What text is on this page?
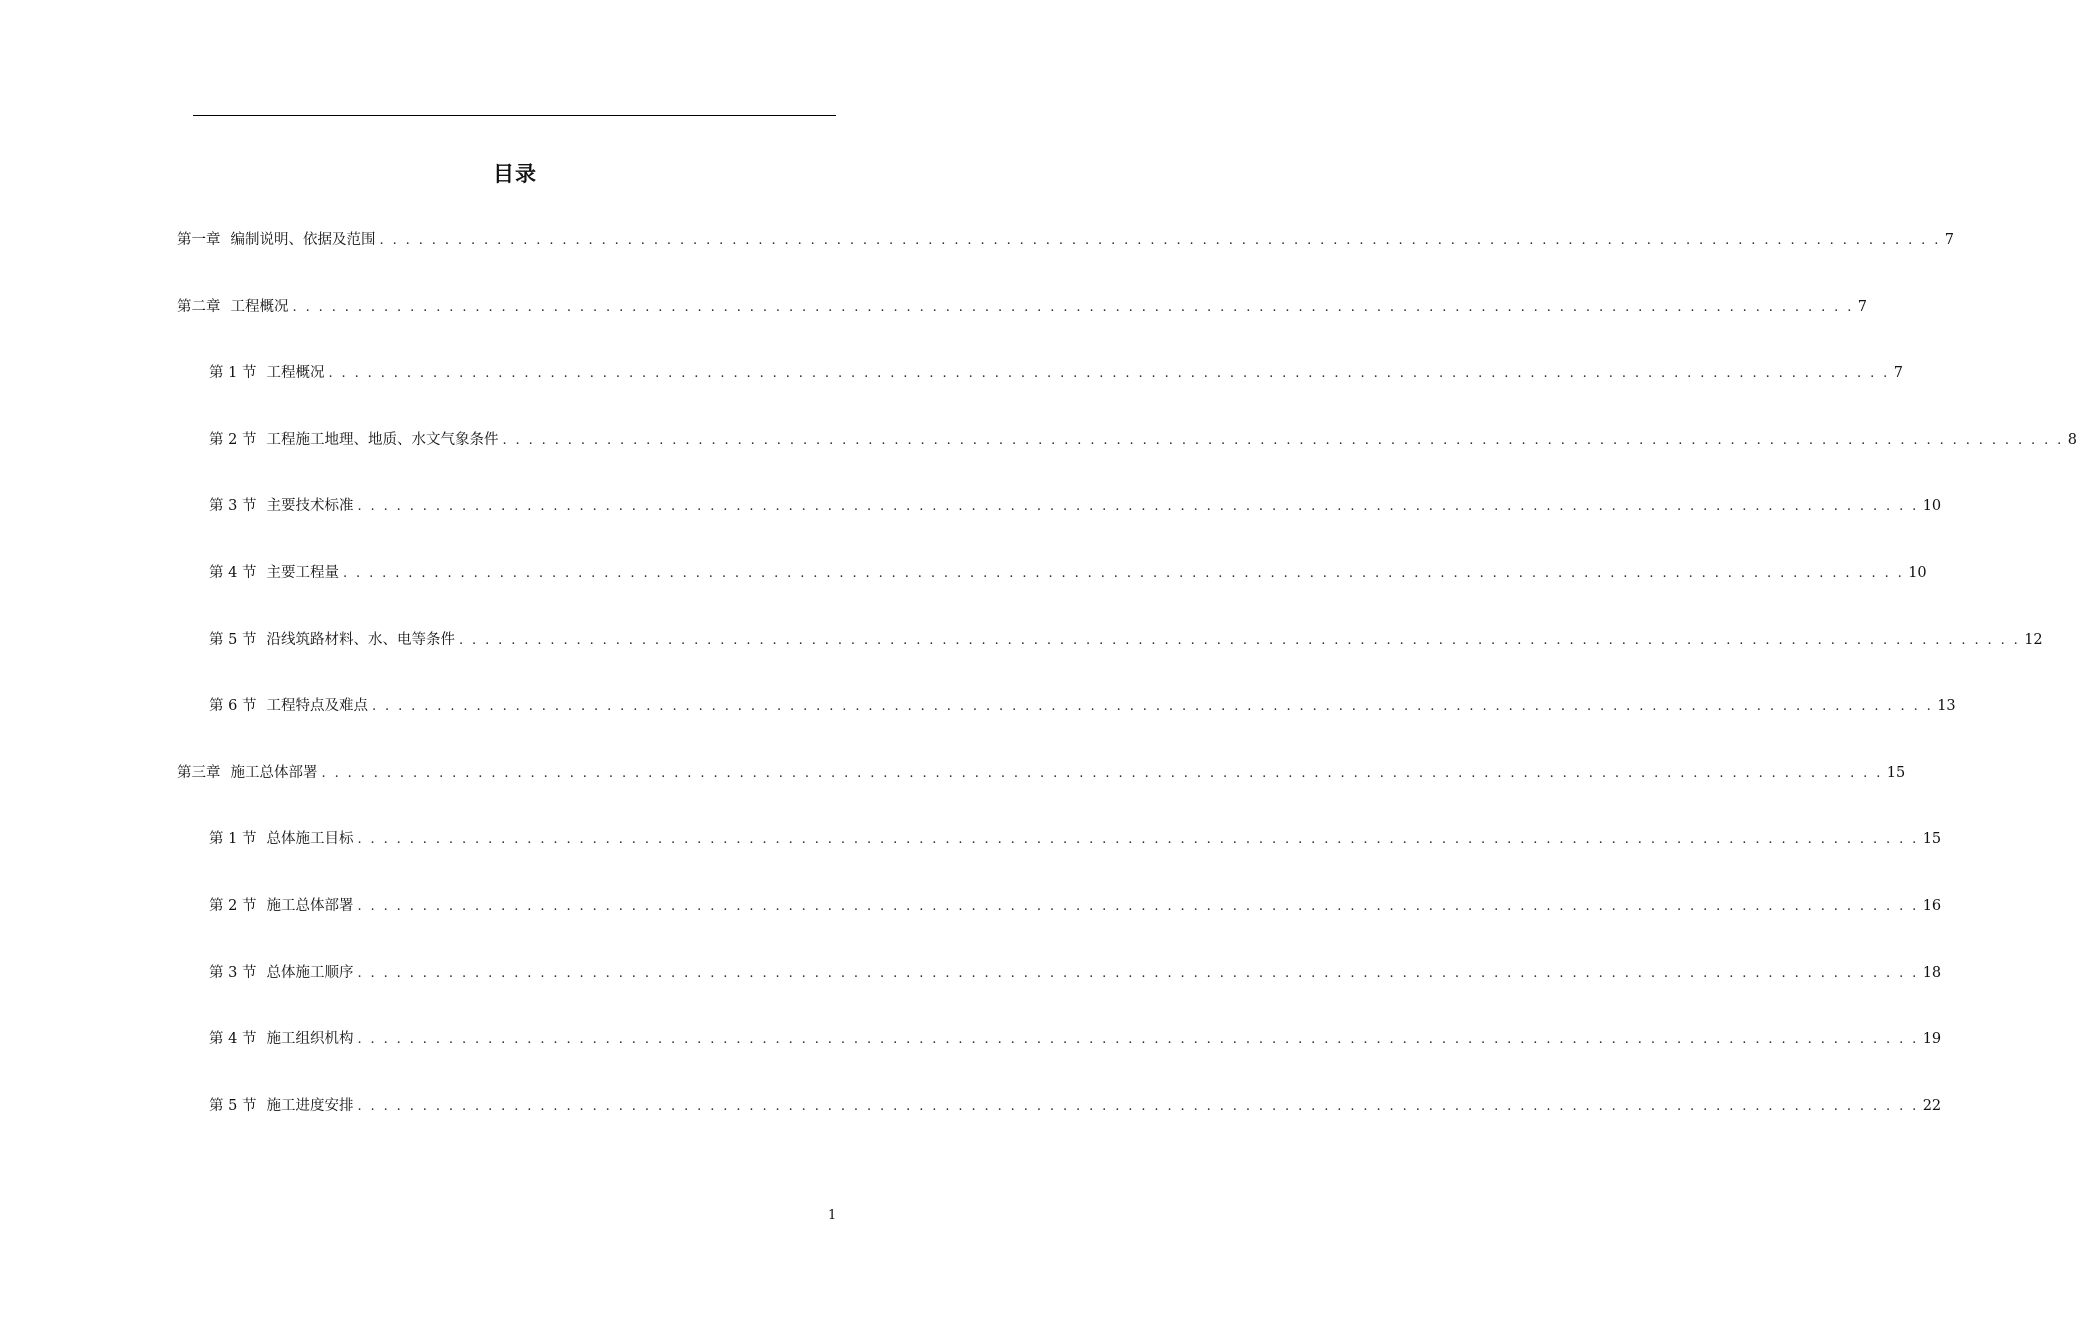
目录
第一章 编制说明、依据及范围 . . . . . . . . . . . . . . . . . . . . . . . . . . . . . . . . . . . . . . . . . . . . . . . . . . . . . . . . . . . . . . . . . . . . . . . . . . . . . . . . . . . . . . . . . . . . . . . . . . . . . . . . . . . . . . . . . . . . . . . . 7
第二章 工程概况 . . . . . . . . . . . . . . . . . . . . . . . . . . . . . . . . . . . . . . . . . . . . . . . . . . . . . . . . . . . . . . . . . . . . . . . . . . . . . . . . . . . . . . . . . . . . . . . . . . . . . . . . . . . . . . . . . . . . . . . . 7
第 1 节 工程概况 . . . . . . . . . . . . . . . . . . . . . . . . . . . . . . . . . . . . . . . . . . . . . . . . . . . . . . . . . . . . . . . . . . . . . . . . . . . . . . . . . . . . . . . . . . . . . . . . . . . . . . . . . . . . . . . . . . . . . . . . 7
第 2 节 工程施工地理、地质、水文气象条件 . . . . . . . . . . . . . . . . . . . . . . . . . . . . . . . . . . . . . . . . . . . . . . . . . . . . . . . . . . . . . . . . . . . . . . . . . . . . . . . . . . . . . . . . . . . . . . . . . . . . . . . . . . . . . . . . . . . . . . . . 8
第 3 节 主要技术标准 . . . . . . . . . . . . . . . . . . . . . . . . . . . . . . . . . . . . . . . . . . . . . . . . . . . . . . . . . . . . . . . . . . . . . . . . . . . . . . . . . . . . . . . . . . . . . . . . . . . . . . . . . . . . . . . . . . . . . . . . 10
第 4 节 主要工程量 . . . . . . . . . . . . . . . . . . . . . . . . . . . . . . . . . . . . . . . . . . . . . . . . . . . . . . . . . . . . . . . . . . . . . . . . . . . . . . . . . . . . . . . . . . . . . . . . . . . . . . . . . . . . . . . . . . . . . . . . 10
第 5 节 沿线筑路材料、水、电等条件 . . . . . . . . . . . . . . . . . . . . . . . . . . . . . . . . . . . . . . . . . . . . . . . . . . . . . . . . . . . . . . . . . . . . . . . . . . . . . . . . . . . . . . . . . . . . . . . . . . . . . . . . . . . . . . . . . . . . . . . . 12
第 6 节 工程特点及难点 . . . . . . . . . . . . . . . . . . . . . . . . . . . . . . . . . . . . . . . . . . . . . . . . . . . . . . . . . . . . . . . . . . . . . . . . . . . . . . . . . . . . . . . . . . . . . . . . . . . . . . . . . . . . . . . . . . . . . . . . 13
第三章 施工总体部署 . . . . . . . . . . . . . . . . . . . . . . . . . . . . . . . . . . . . . . . . . . . . . . . . . . . . . . . . . . . . . . . . . . . . . . . . . . . . . . . . . . . . . . . . . . . . . . . . . . . . . . . . . . . . . . . . . . . . . . . . 15
第 1 节 总体施工目标 . . . . . . . . . . . . . . . . . . . . . . . . . . . . . . . . . . . . . . . . . . . . . . . . . . . . . . . . . . . . . . . . . . . . . . . . . . . . . . . . . . . . . . . . . . . . . . . . . . . . . . . . . . . . . . . . . . . . . . . . 15
第 2 节 施工总体部署 . . . . . . . . . . . . . . . . . . . . . . . . . . . . . . . . . . . . . . . . . . . . . . . . . . . . . . . . . . . . . . . . . . . . . . . . . . . . . . . . . . . . . . . . . . . . . . . . . . . . . . . . . . . . . . . . . . . . . . . . 16
第 3 节 总体施工顺序 . . . . . . . . . . . . . . . . . . . . . . . . . . . . . . . . . . . . . . . . . . . . . . . . . . . . . . . . . . . . . . . . . . . . . . . . . . . . . . . . . . . . . . . . . . . . . . . . . . . . . . . . . . . . . . . . . . . . . . . . 18
第 4 节 施工组织机构 . . . . . . . . . . . . . . . . . . . . . . . . . . . . . . . . . . . . . . . . . . . . . . . . . . . . . . . . . . . . . . . . . . . . . . . . . . . . . . . . . . . . . . . . . . . . . . . . . . . . . . . . . . . . . . . . . . . . . . . . 19
第 5 节 施工进度安排 . . . . . . . . . . . . . . . . . . . . . . . . . . . . . . . . . . . . . . . . . . . . . . . . . . . . . . . . . . . . . . . . . . . . . . . . . . . . . . . . . . . . . . . . . . . . . . . . . . . . . . . . . . . . . . . . . . . . . . . . 22
1
